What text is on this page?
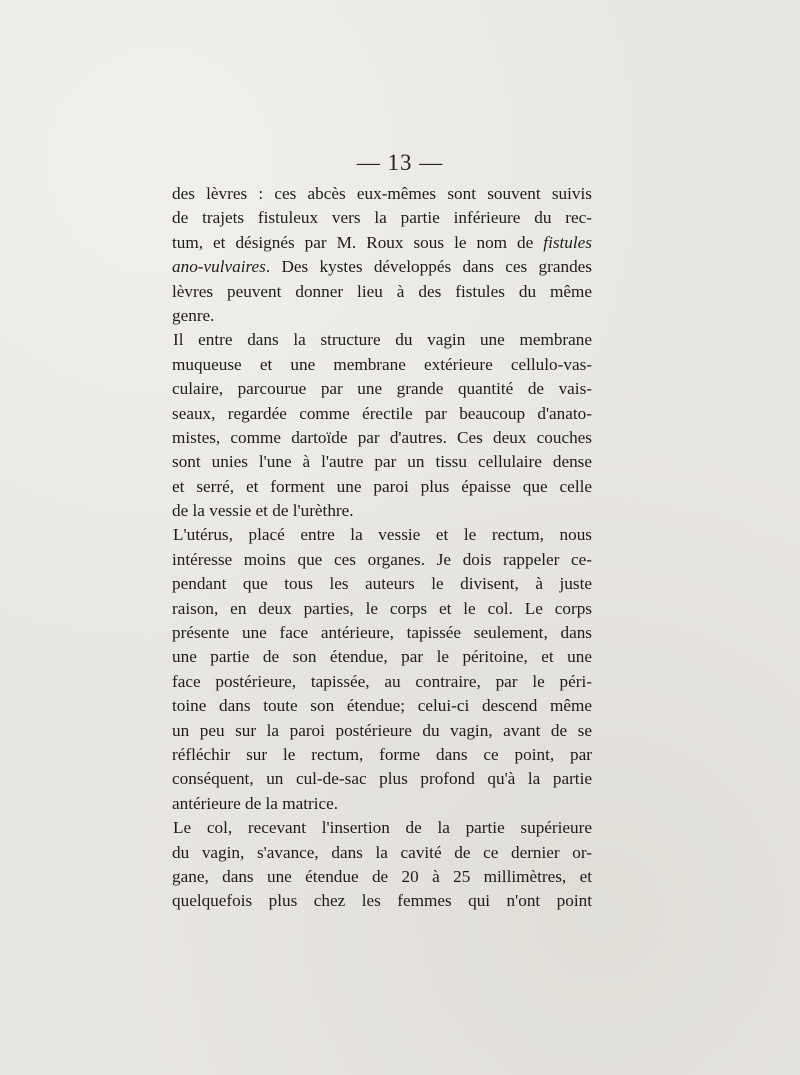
— 13 —
des lèvres : ces abcès eux-mêmes sont souvent suivis
de trajets fistuleux vers la partie inférieure du rec-
tum, et désignés par M. Roux sous le nom de fistules
ano-vulvaires. Des kystes développés dans ces grandes
lèvres peuvent donner lieu à des fistules du même
genre.
Il entre dans la structure du vagin une membrane
muqueuse et une membrane extérieure cellulo-vas-
culaire, parcourue par une grande quantité de vais-
seaux, regardée comme érectile par beaucoup d'anato-
mistes, comme dartoïde par d'autres. Ces deux couches
sont unies l'une à l'autre par un tissu cellulaire dense
et serré, et forment une paroi plus épaisse que celle
de la vessie et de l'urèthre.
L'utérus, placé entre la vessie et le rectum, nous
intéresse moins que ces organes. Je dois rappeler ce-
pendant que tous les auteurs le divisent, à juste
raison, en deux parties, le corps et le col. Le corps
présente une face antérieure, tapissée seulement, dans
une partie de son étendue, par le péritoine, et une
face postérieure, tapissée, au contraire, par le péri-
toine dans toute son étendue; celui-ci descend même
un peu sur la paroi postérieure du vagin, avant de se
réfléchir sur le rectum, forme dans ce point, par
conséquent, un cul-de-sac plus profond qu'à la partie
antérieure de la matrice.
Le col, recevant l'insertion de la partie supérieure
du vagin, s'avance, dans la cavité de ce dernier or-
gane, dans une étendue de 20 à 25 millimètres, et
quelquefois plus chez les femmes qui n'ont point
